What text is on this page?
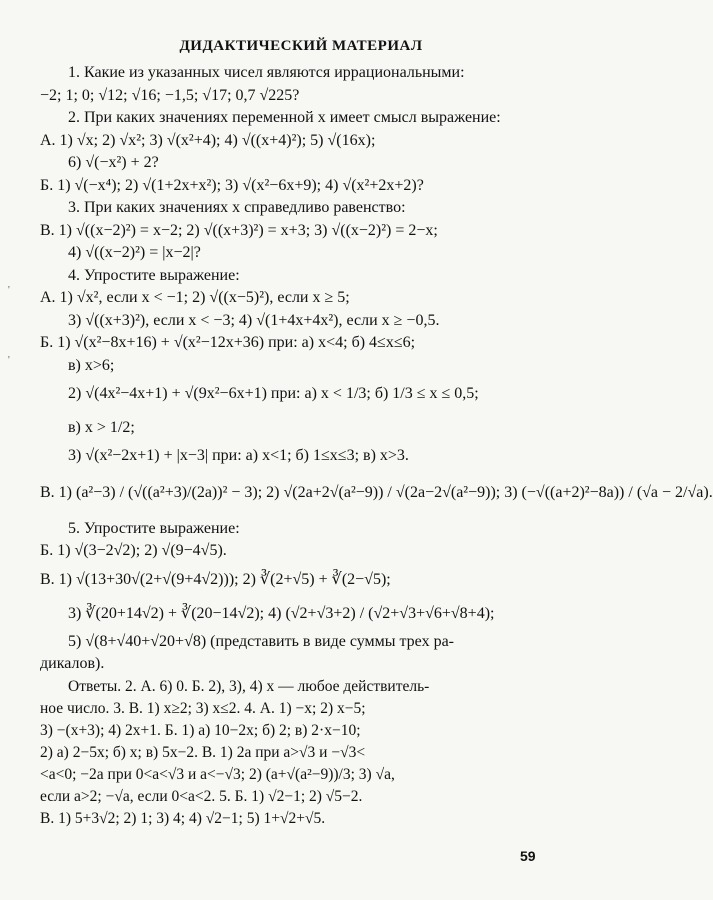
'
'
ДИДАКТИЧЕСКИЙ МАТЕРИАЛ
1. Какие из указанных чисел являются иррациональными:
−2; 1; 0; √12; √16; −1,5; √17; 0,7 √225?
2. При каких значениях переменной x имеет смысл выражение:
А. 1) √x; 2) √x²; 3) √(x²+4); 4) √((x+4)²); 5) √(16x);
6) √(−x²) + 2?
Б. 1) √(−x⁴); 2) √(1+2x+x²); 3) √(x²−6x+9); 4) √(x²+2x+2)?
3. При каких значениях x справедливо равенство:
В. 1) √((x−2)²) = x−2; 2) √((x+3)²) = x+3; 3) √((x−2)²) = 2−x;
4) √((x−2)²) = |x−2|?
4. Упростите выражение:
А. 1) √x², если x < −1; 2) √((x−5)²), если x ≥ 5;
3) √((x+3)²), если x < −3; 4) √(1+4x+4x²), если x ≥ −0,5.
Б. 1) √(x²−8x+16) + √(x²−12x+36) при: а) x<4; б) 4≤x≤6;
в) x>6;
2) √(4x²−4x+1) + √(9x²−6x+1) при: а) x < 1/3; б) 1/3 ≤ x ≤ 0,5;
в) x > 1/2;
3) √(x²−2x+1) + |x−3| при: а) x<1; б) 1≤x≤3; в) x>3.
В. 1) (a²−3) / (√((a²+3)/(2a))² − 3); 2) √(2a+2√(a²−9)) / √(2a−2√(a²−9)); 3) (−√((a+2)²−8a)) / (√a − 2/√a).
5. Упростите выражение:
Б. 1) √(3−2√2); 2) √(9−4√5).
В. 1) √(13+30√(2+√(9+4√2))); 2) ∛(2+√5) + ∛(2−√5);
3) ∛(20+14√2) + ∛(20−14√2); 4) (√2+√3+2) / (√2+√3+√6+√8+4);
5) √(8+√40+√20+√8) (представить в виде суммы трех ра-
дикалов).
Ответы. 2. А. 6) 0. Б. 2), 3), 4) x — любое действитель-
ное число. 3. В. 1) x≥2; 3) x≤2. 4. А. 1) −x; 2) x−5;
3) −(x+3); 4) 2x+1. Б. 1) а) 10−2x; б) 2; в) 2·x−10;
2) а) 2−5x; б) x; в) 5x−2. В. 1) 2a при a>√3 и −√3<
<a<0; −2a при 0<a<√3 и a<−√3; 2) (a+√(a²−9))/3; 3) √a,
если a>2; −√a, если 0<a<2. 5. Б. 1) √2−1; 2) √5−2.
В. 1) 5+3√2; 2) 1; 3) 4; 4) √2−1; 5) 1+√2+√5.
59
